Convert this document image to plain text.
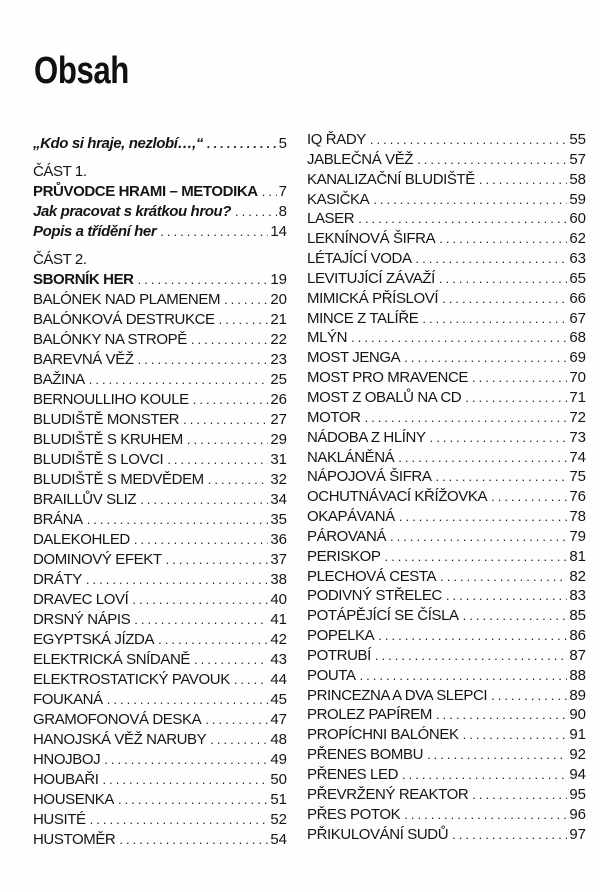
Obsah
„Kdo si hraje, nezlobí…,“ . . .	5
ČÁST 1.
PRŮVODCE HRAMI – METODIKA . . . 7
Jak pracovat s krátkou hrou? . . .	8
Popis a třídění her . . .	14
ČÁST 2.
SBORNÍK HER . . .	19
BALÓNEK NAD PLAMENEM . . .	20
BALÓNKOVÁ DESTRUKCE . . .	21
BALÓNKY NA STROPĚ . . .	22
BAREVNÁ VĚŽ . . .	23
BAŽINA . . .	25
BERNOULLIHO KOULE . . .	26
BLUDIŠTĚ MONSTER . . .	27
BLUDIŠTĚ S KRUHEM . . .	29
BLUDIŠTĚ S LOVCI . . .	31
BLUDIŠTĚ S MEDVĚDEM . . .	32
BRAILLŮV SLIZ . . .	34
BRÁNA . . .	35
DALEKOHLED . . .	36
DOMINOVÝ EFEKT . . .	37
DRÁTY . . .	38
DRAVEC LOVÍ . . .	40
DRSNÝ NÁPIS . . .	41
EGYPTSKÁ JÍZDA . . .	42
ELEKTRICKÁ SNÍDANĚ . . .	43
ELEKTROSTATICKÝ PAVOUK . . .	44
FOUKANÁ . . .	45
GRAMOFONOVÁ DESKA . . .	47
HANOJSKÁ VĚŽ NARUBY . . .	48
HNOJBOJ . . .	49
HOUBAŘI . . .	50
HOUSENKA . . .	51
HUSITÉ . . .	52
HUSTOMĚR . . .	54
IQ ŘADY . . .	55
JABLEČNÁ VĚŽ . . .	57
KANALIZAČNÍ BLUDIŠTĚ . . .	58
KASIČKA . . .	59
LASER . . .	60
LEKNÍNOVÁ ŠIFRA . . .	62
LÉTAJÍCÍ VODA . . .	63
LEVITUJÍCÍ ZÁVAŽÍ . . .	65
MIMICKÁ PŘÍSLOVÍ . . .	66
MINCE Z TALÍŘE . . .	67
MLÝN . . .	68
MOST JENGA . . .	69
MOST PRO MRAVENCE . . .	70
MOST Z OBALŮ NA CD . . .	71
MOTOR . . .	72
NÁDOBA Z HLÍNY . . .	73
NAKLÁNĚNÁ . . .	74
NÁPOJOVÁ ŠIFRA . . .	75
OCHUTNÁVACÍ KŘÍŽOVKA . . .	76
OKAPÁVANÁ . . .	78
PÁROVANÁ . . .	79
PERISKOP . . .	81
PLECHOVÁ CESTA . . .	82
PODIVNÝ STŘELEC . . .	83
POTÁPĚJÍCÍ SE ČÍSLA . . .	85
POPELKA . . .	86
POTRUBÍ . . .	87
POUTA . . .	88
PRINCEZNA A DVA SLEPCI . . .	89
PROLEZ PAPÍREM . . .	90
PROPÍCHNI BALÓNEK . . .	91
PŘENES BOMBU . . .	92
PŘENES LED . . .	94
PŘEVRŽENÝ REAKTOR . . .	95
PŘES POTOK . . .	96
PŘIKULOVÁNÍ SUDŮ . . .	97
